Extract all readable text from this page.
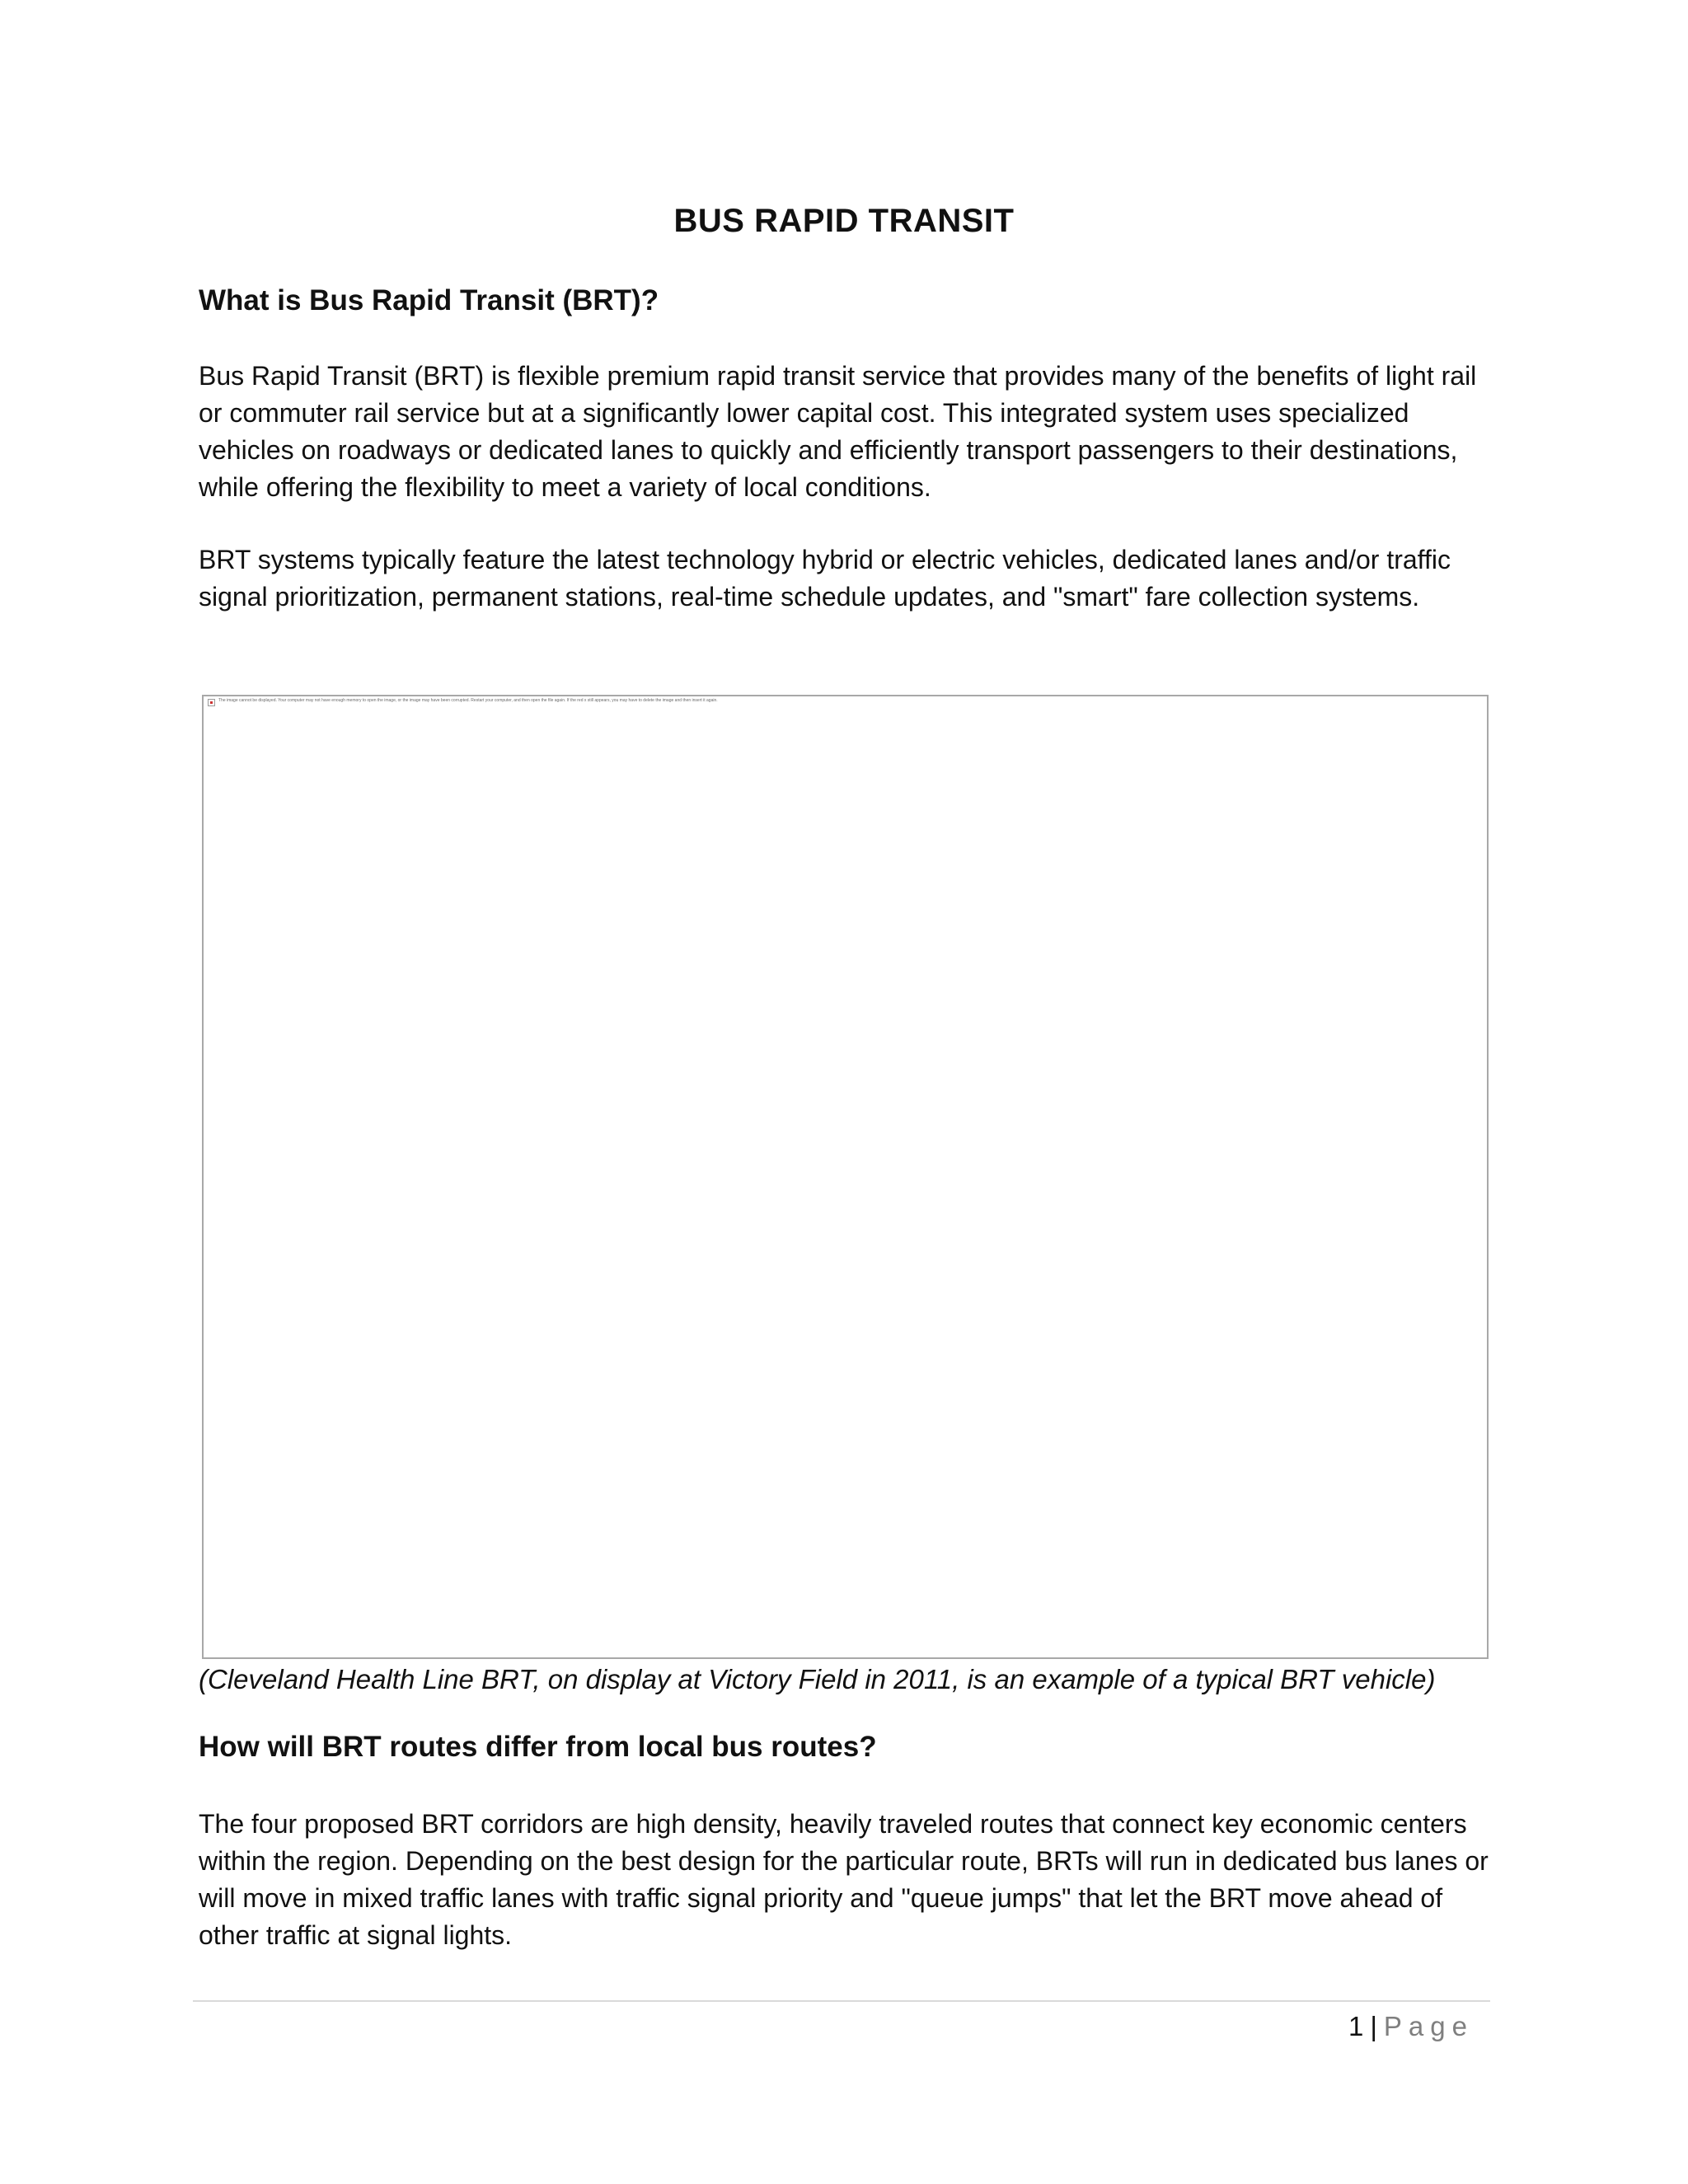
BUS RAPID TRANSIT
What is Bus Rapid Transit (BRT)?

Bus Rapid Transit (BRT) is flexible premium rapid transit service that provides many of the benefits of light rail or commuter rail service but at a significantly lower capital cost. This integrated system uses specialized vehicles on roadways or dedicated lanes to quickly and efficiently transport passengers to their destinations, while offering the flexibility to meet a variety of local conditions.

BRT systems typically feature the latest technology hybrid or electric vehicles, dedicated lanes and/or traffic signal prioritization, permanent stations, real-time schedule updates, and "smart" fare collection systems.

The image cannot be displayed. Your computer may not have enough memory to open the image, or the image may have been corrupted. Restart your computer, and then open the file again. If the red x still appears, you may have to delete the image and then insert it again.
(Cleveland Health Line BRT, on display at Victory Field in 2011, is an example of a typical BRT vehicle)
How will BRT routes differ from local bus routes?

The four proposed BRT corridors are high density, heavily traveled routes that connect key economic centers within the region. Depending on the best design for the particular route, BRTs will run in dedicated bus lanes or will move in mixed traffic lanes with traffic signal priority and "queue jumps" that let the BRT move ahead of other traffic at signal lights.

1 | Page
